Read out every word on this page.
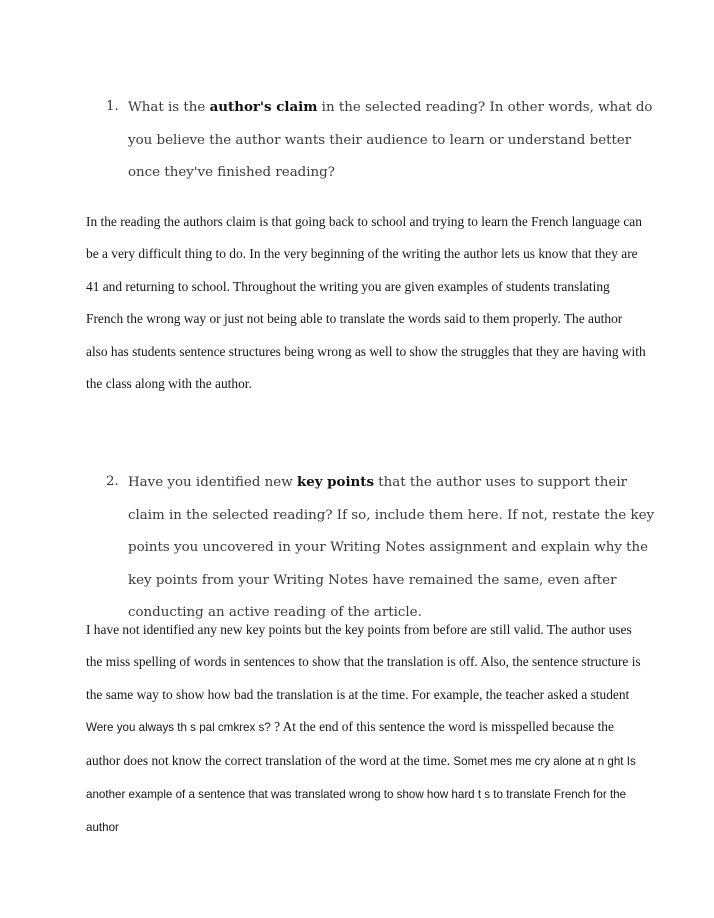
1. What is the author's claim in the selected reading? In other words, what do you believe the author wants their audience to learn or understand better once they've finished reading?
In the reading the authors claim is that going back to school and trying to learn the French language can be a very difficult thing to do. In the very beginning of the writing the author lets us know that they are 41 and returning to school. Throughout the writing you are given examples of students translating French the wrong way or just not being able to translate the words said to them properly. The author also has students sentence structures being wrong as well to show the struggles that they are having with the class along with the author.
2. Have you identified new key points that the author uses to support their claim in the selected reading? If so, include them here. If not, restate the key points you uncovered in your Writing Notes assignment and explain why the key points from your Writing Notes have remained the same, even after conducting an active reading of the article.
I have not identified any new key points but the key points from before are still valid. The author uses the miss spelling of words in sentences to show that the translation is off. Also, the sentence structure is the same way to show how bad the translation is at the time. For example, the teacher asked a student Were you always th s pal cmkrex s? ? At the end of this sentence the word is misspelled because the author does not know the correct translation of the word at the time. Somet mes me cry alone at n ght Is another example of a sentence that was translated wrong to show how hard t s to translate French for the author
